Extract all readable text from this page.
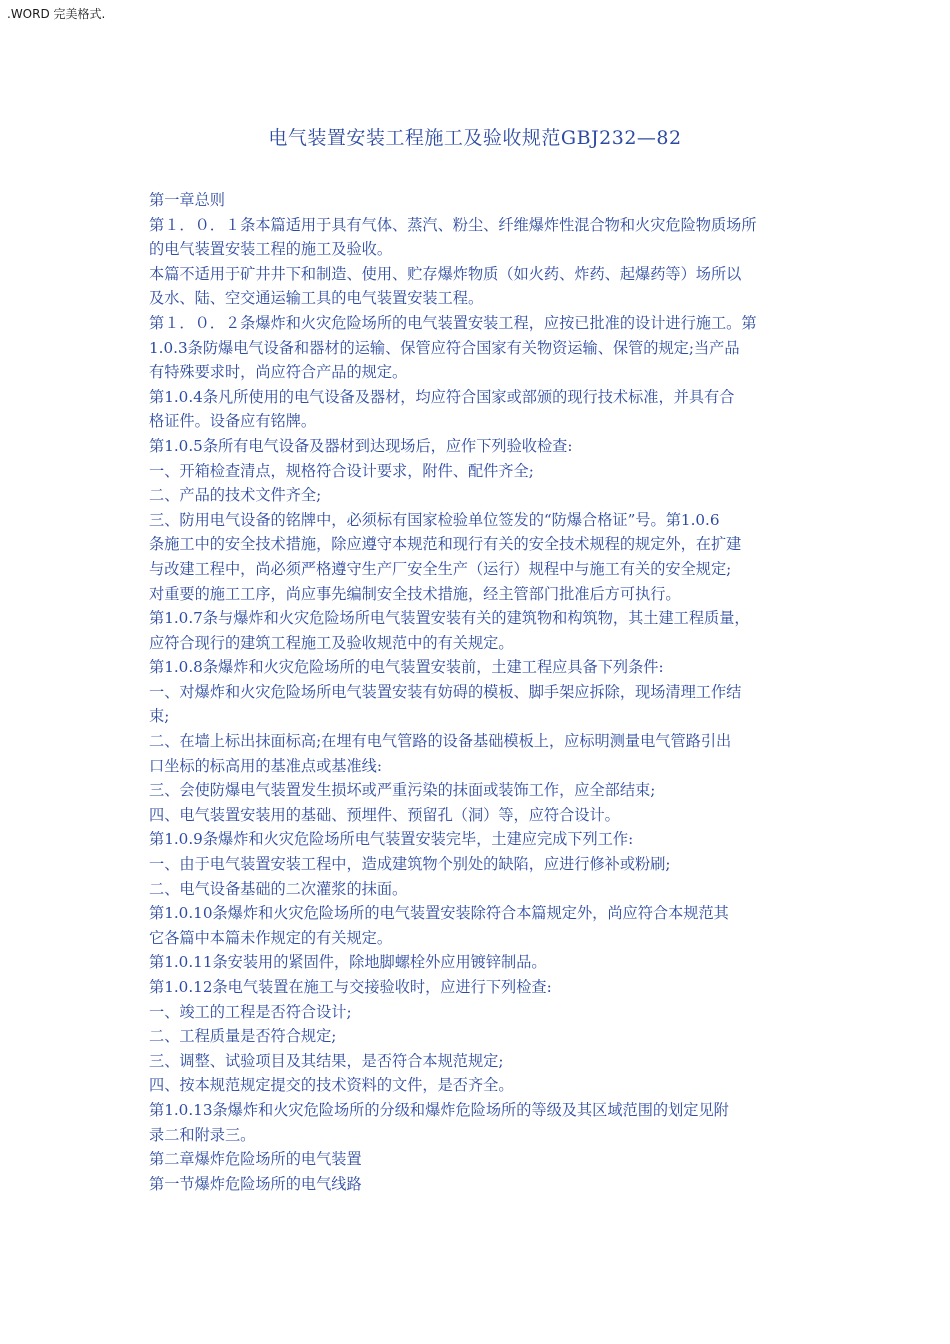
.WORD 完美格式.
电气装置安装工程施工及验收规范GBJ232—82
第一章总则
第１．０．１条本篇适用于具有气体、蒸汽、粉尘、纤维爆炸性混合物和火灾危险物质场所
的电气装置安装工程的施工及验收。
本篇不适用于矿井井下和制造、使用、贮存爆炸物质（如火药、炸药、起爆药等）场所以
及水、陆、空交通运输工具的电气装置安装工程。
第１．０．２条爆炸和火灾危险场所的电气装置安装工程，应按已批准的设计进行施工。第
1.0.3条防爆电气设备和器材的运输、保管应符合国家有关物资运输、保管的规定;当产品
有特殊要求时，尚应符合产品的规定。
第1.0.4条凡所使用的电气设备及器材，均应符合国家或部颁的现行技术标准，并具有合
格证件。设备应有铭牌。
第1.0.5条所有电气设备及器材到达现场后，应作下列验收检查:
一、开箱检查清点，规格符合设计要求，附件、配件齐全;
二、产品的技术文件齐全;
三、防用电气设备的铭牌中，必须标有国家检验单位签发的“防爆合格证”号。第1.0.6
条施工中的安全技术措施，除应遵守本规范和现行有关的安全技术规程的规定外，在扩建
与改建工程中，尚必须严格遵守生产厂安全生产（运行）规程中与施工有关的安全规定;
对重要的施工工序，尚应事先编制安全技术措施，经主管部门批准后方可执行。
第1.0.7条与爆炸和火灾危险场所电气装置安装有关的建筑物和构筑物，其土建工程质量，
应符合现行的建筑工程施工及验收规范中的有关规定。
第1.0.8条爆炸和火灾危险场所的电气装置安装前，土建工程应具备下列条件:
一、对爆炸和火灾危险场所电气装置安装有妨碍的模板、脚手架应拆除，现场清理工作结
束;
二、在墙上标出抹面标高;在埋有电气管路的设备基础模板上，应标明测量电气管路引出
口坐标的标高用的基准点或基准线:
三、会使防爆电气装置发生损坏或严重污染的抹面或装饰工作，应全部结束;
四、电气装置安装用的基础、预埋件、预留孔（洞）等，应符合设计。
第1.0.9条爆炸和火灾危险场所电气装置安装完毕，土建应完成下列工作:
一、由于电气装置安装工程中，造成建筑物个别处的缺陷，应进行修补或粉刷;
二、电气设备基础的二次灌浆的抹面。
第1.0.10条爆炸和火灾危险场所的电气装置安装除符合本篇规定外，尚应符合本规范其
它各篇中本篇未作规定的有关规定。
第1.0.11条安装用的紧固件，除地脚螺栓外应用镀锌制品。
第1.0.12条电气装置在施工与交接验收时，应进行下列检查:
一、竣工的工程是否符合设计;
二、工程质量是否符合规定;
三、调整、试验项目及其结果，是否符合本规范规定;
四、按本规范规定提交的技术资料的文件，是否齐全。
第1.0.13条爆炸和火灾危险场所的分级和爆炸危险场所的等级及其区域范围的划定见附
录二和附录三。
第二章爆炸危险场所的电气装置
第一节爆炸危险场所的电气线路
